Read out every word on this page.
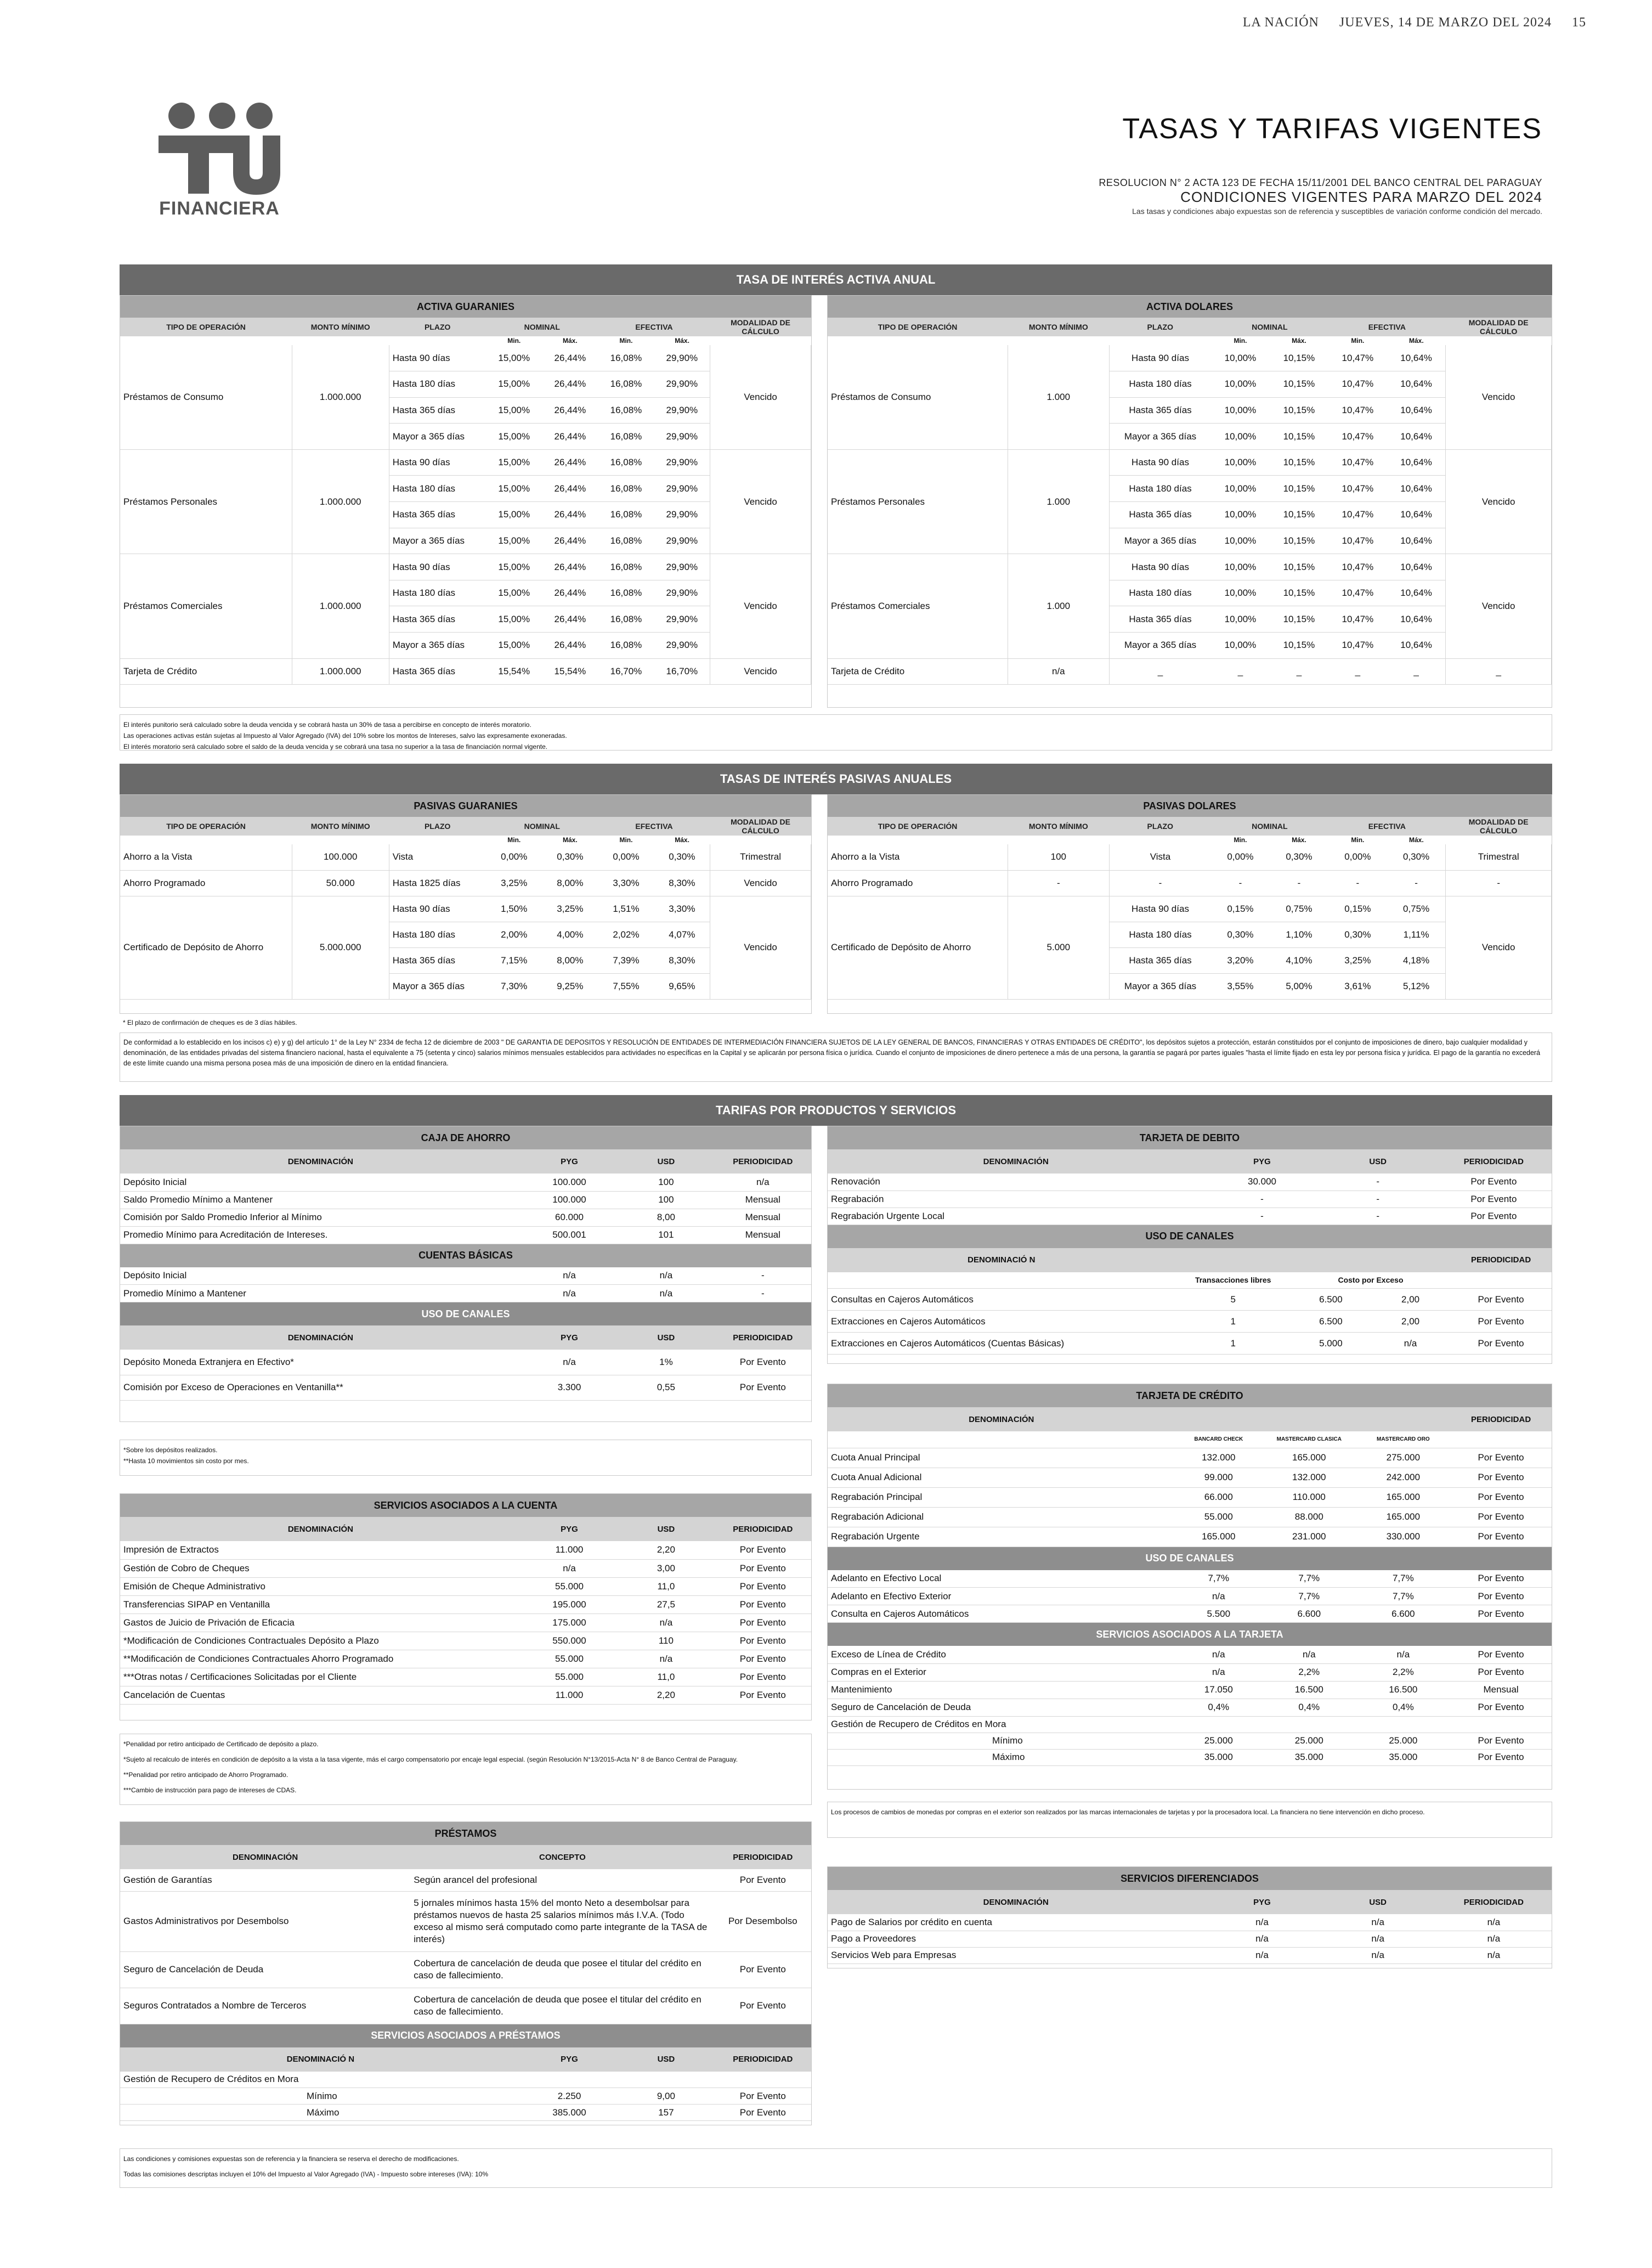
LA NACIÓN JUEVES, 14 DE MARZO DEL 2024 15
FINANCIERA
TASAS Y TARIFAS VIGENTES
RESOLUCION N° 2 ACTA 123 DE FECHA 15/11/2001 DEL BANCO CENTRAL DEL PARAGUAY
CONDICIONES VIGENTES PARA MARZO DEL 2024
Las tasas y condiciones abajo expuestas son de referencia y susceptibles de variación conforme condición del mercado.
TASA DE INTERÉS ACTIVA ANUAL
ACTIVA GUARANIES
TIPO DE OPERACIÓN	MONTO MÍNIMO	PLAZO	NOMINAL		EFECTIVA		MODALIDAD DE CÁLCULO
			Min.	Máx.	Min.	Máx.	
Préstamos de Consumo	1.000.000	Hasta 90 días	15,00%	26,44%	16,08%	29,90%	Vencido
		Hasta 180 días	15,00%	26,44%	16,08%	29,90%	
		Hasta 365 días	15,00%	26,44%	16,08%	29,90%	
		Mayor a 365 días	15,00%	26,44%	16,08%	29,90%	
Préstamos Personales	1.000.000	Hasta 90 días	15,00%	26,44%	16,08%	29,90%	Vencido
		Hasta 180 días	15,00%	26,44%	16,08%	29,90%	
		Hasta 365 días	15,00%	26,44%	16,08%	29,90%	
		Mayor a 365 días	15,00%	26,44%	16,08%	29,90%	
Préstamos Comerciales	1.000.000	Hasta 90 días	15,00%	26,44%	16,08%	29,90%	Vencido
		Hasta 180 días	15,00%	26,44%	16,08%	29,90%	
		Hasta 365 días	15,00%	26,44%	16,08%	29,90%	
		Mayor a 365 días	15,00%	26,44%	16,08%	29,90%	
Tarjeta de Crédito	1.000.000	Hasta 365 días	15,54%	15,54%	16,70%	16,70%	Vencido
ACTIVA DOLARES
TIPO DE OPERACIÓN	MONTO MÍNIMO	PLAZO	NOMINAL		EFECTIVA		MODALIDAD DE CÁLCULO
			Min.	Máx.	Min.	Máx.	
Préstamos de Consumo	1.000	Hasta 90 días	10,00%	10,15%	10,47%	10,64%	Vencido
		Hasta 180 días	10,00%	10,15%	10,47%	10,64%	
		Hasta 365 días	10,00%	10,15%	10,47%	10,64%	
		Mayor a 365 días	10,00%	10,15%	10,47%	10,64%	
Préstamos Personales	1.000	Hasta 90 días	10,00%	10,15%	10,47%	10,64%	Vencido
		Hasta 180 días	10,00%	10,15%	10,47%	10,64%	
		Hasta 365 días	10,00%	10,15%	10,47%	10,64%	
		Mayor a 365 días	10,00%	10,15%	10,47%	10,64%	
Préstamos Comerciales	1.000	Hasta 90 días	10,00%	10,15%	10,47%	10,64%	Vencido
		Hasta 180 días	10,00%	10,15%	10,47%	10,64%	
		Hasta 365 días	10,00%	10,15%	10,47%	10,64%	
		Mayor a 365 días	10,00%	10,15%	10,47%	10,64%	
Tarjeta de Crédito	n/a	_	_	_	_	_	_
El interés punitorio será calculado sobre la deuda vencida y se cobrará hasta un 30% de tasa a percibirse en concepto de interés moratorio.
Las operaciones activas están sujetas al Impuesto al Valor Agregado (IVA) del 10% sobre los montos de Intereses, salvo las expresamente exoneradas.
El interés moratorio será calculado sobre el saldo de la deuda vencida y se cobrará una tasa no superior a la tasa de financiación normal vigente.
TASAS DE INTERÉS PASIVAS ANUALES
PASIVAS GUARANIES
TIPO DE OPERACIÓN	MONTO MÍNIMO	PLAZO	NOMINAL		EFECTIVA		MODALIDAD DE CÁLCULO
			Min.	Máx.	Min.	Máx.	
Ahorro a la Vista	100.000	Vista	0,00%	0,30%	0,00%	0,30%	Trimestral
Ahorro Programado	50.000	Hasta 1825 días	3,25%	8,00%	3,30%	8,30%	Vencido
Certificado de Depósito de Ahorro	5.000.000	Hasta 90 días	1,50%	3,25%	1,51%	3,30%	Vencido
		Hasta 180 días	2,00%	4,00%	2,02%	4,07%	
		Hasta 365 días	7,15%	8,00%	7,39%	8,30%	
		Mayor a 365 días	7,30%	9,25%	7,55%	9,65%	
PASIVAS DOLARES
TIPO DE OPERACIÓN	MONTO MÍNIMO	PLAZO	NOMINAL		EFECTIVA		MODALIDAD DE CÁLCULO
			Min.	Máx.	Min.	Máx.	
Ahorro a la Vista	100	Vista	0,00%	0,30%	0,00%	0,30%	Trimestral
Ahorro Programado	-	-	-	-	-	-	-
Certificado de Depósito de Ahorro	5.000	Hasta 90 días	0,15%	0,75%	0,15%	0,75%	Vencido
		Hasta 180 días	0,30%	1,10%	0,30%	1,11%	
		Hasta 365 días	3,20%	4,10%	3,25%	4,18%	
		Mayor a 365 días	3,55%	5,00%	3,61%	5,12%	
* El plazo de confirmación de cheques es de 3 días hábiles.
De conformidad a lo establecido en los incisos c) e) y g) del artículo 1° de la Ley N° 2334 de fecha 12 de diciembre de 2003 " DE GARANTIA DE DEPOSITOS Y RESOLUCIÓN DE ENTIDADES DE INTERMEDIACIÓN FINANCIERA SUJETOS DE LA LEY GENERAL DE BANCOS, FINANCIERAS Y OTRAS ENTIDADES DE CRÉDITO", los depósitos sujetos a protección, estarán constituidos por el conjunto de imposiciones de dinero, bajo cualquier modalidad y denominación, de las entidades privadas del sistema financiero nacional, hasta el equivalente a 75 (setenta y cinco) salarios mínimos mensuales establecidos para actividades no específicas en la Capital y se aplicarán por persona física o jurídica. Cuando el conjunto de imposiciones de dinero pertenece a más de una persona, la garantía se pagará por partes iguales "hasta el límite fijado en esta ley por persona física y jurídica. El pago de la garantía no excederá de este límite cuando una misma persona posea más de una imposición de dinero en la entidad financiera.
TARIFAS POR PRODUCTOS Y SERVICIOS
CAJA DE AHORRO
DENOMINACIÓN	PYG	USD	PERIODICIDAD
Depósito Inicial	100.000	100	n/a
Saldo Promedio Mínimo a Mantener	100.000	100	Mensual
Comisión por Saldo Promedio Inferior al Mínimo	60.000	8,00	Mensual
Promedio Mínimo para Acreditación de Intereses.	500.001	101	Mensual
CUENTAS BÁSICAS
Depósito Inicial	n/a	n/a	-
Promedio Mínimo a Mantener	n/a	n/a	-
USO DE CANALES
DENOMINACIÓN	PYG	USD	PERIODICIDAD
Depósito Moneda Extranjera en Efectivo*	n/a	1%	Por Evento
Comisión por Exceso de Operaciones en Ventanilla**	3.300	0,55	Por Evento
*Sobre los depósitos realizados.
**Hasta 10 movimientos sin costo por mes.
SERVICIOS ASOCIADOS A LA CUENTA
DENOMINACIÓN	PYG	USD	PERIODICIDAD
Impresión de Extractos	11.000	2,20	Por Evento
Gestión de Cobro de Cheques	n/a	3,00	Por Evento
Emisión de Cheque Administrativo	55.000	11,0	Por Evento
Transferencias SIPAP en Ventanilla	195.000	27,5	Por Evento
Gastos de Juicio de Privación de Eficacia	175.000	n/a	Por Evento
*Modificación de Condiciones Contractuales Depósito a Plazo	550.000	110	Por Evento
**Modificación de Condiciones Contractuales Ahorro Programado	55.000	n/a	Por Evento
***Otras notas / Certificaciones Solicitadas por el Cliente	55.000	11,0	Por Evento
Cancelación de Cuentas	11.000	2,20	Por Evento
*Penalidad por retiro anticipado de Certificado de depósito a plazo.
*Sujeto al recalculo de interés en condición de depósito a la vista a la tasa vigente, más el cargo compensatorio por encaje legal especial. (según Resolución N°13/2015-Acta N° 8 de Banco Central de Paraguay.
**Penalidad por retiro anticipado de Ahorro Programado.
***Cambio de instrucción para pago de intereses de CDAS.
PRÉSTAMOS
DENOMINACIÓN	CONCEPTO	PERIODICIDAD
Gestión de Garantías	Según arancel del profesional	Por Evento
Gastos Administrativos por Desembolso	5 jornales mínimos hasta 15% del monto Neto a desembolsar para préstamos nuevos de hasta 25 salarios mínimos más I.V.A. (Todo exceso al mismo será computado como parte integrante de la TASA de interés)	Por Desembolso
Seguro de Cancelación de Deuda	Cobertura de cancelación de deuda que posee el titular del crédito en caso de fallecimiento.	Por Evento
Seguros Contratados a Nombre de Terceros	Cobertura de cancelación de deuda que posee el titular del crédito en caso de fallecimiento.	Por Evento
SERVICIOS ASOCIADOS A PRÉSTAMOS
DENOMINACIÓ N	PYG	USD	PERIODICIDAD
Gestión de Recupero de Créditos en Mora			
Mínimo	2.250	9,00	Por Evento
Máximo	385.000	157	Por Evento
TARJETA DE DEBITO
DENOMINACIÓN	PYG	USD	PERIODICIDAD
Renovación	30.000	-	Por Evento
Regrabación	-	-	Por Evento
Regrabación Urgente Local	-	-	Por Evento
USO DE CANALES
DENOMINACIÓ N				PERIODICIDAD
	Transacciones libres	Costo por Exceso		
Consultas en Cajeros Automáticos	5	6.500	2,00	Por Evento
Extracciones en Cajeros Automáticos	1	6.500	2,00	Por Evento
Extracciones en Cajeros Automáticos (Cuentas Básicas)	1	5.000	n/a	Por Evento
TARJETA DE CRÉDITO
DENOMINACIÓN				PERIODICIDAD
	BANCARD CHECK	MASTERCARD CLASICA	MASTERCARD ORO	
Cuota Anual Principal	132.000	165.000	275.000	Por Evento
Cuota Anual Adicional	99.000	132.000	242.000	Por Evento
Regrabación Principal	66.000	110.000	165.000	Por Evento
Regrabación Adicional	55.000	88.000	165.000	Por Evento
Regrabación Urgente	165.000	231.000	330.000	Por Evento
USO DE CANALES
Adelanto en Efectivo Local	7,7%	7,7%	7,7%	Por Evento
Adelanto en Efectivo Exterior	n/a	7,7%	7,7%	Por Evento
Consulta en Cajeros Automáticos	5.500	6.600	6.600	Por Evento
SERVICIOS ASOCIADOS A LA TARJETA
Exceso de Línea de Crédito	n/a	n/a	n/a	Por Evento
Compras en el Exterior	n/a	2,2%	2,2%	Por Evento
Mantenimiento	17.050	16.500	16.500	Mensual
Seguro de Cancelación de Deuda	0,4%	0,4%	0,4%	Por Evento
Gestión de Recupero de Créditos en Mora				
Mínimo	25.000	25.000	25.000	Por Evento
Máximo	35.000	35.000	35.000	Por Evento
Los procesos de cambios de monedas por compras en el exterior son realizados por las marcas internacionales de tarjetas y por la procesadora local. La financiera no tiene intervención en dicho proceso.
SERVICIOS DIFERENCIADOS
DENOMINACIÓN	PYG	USD	PERIODICIDAD
Pago de Salarios por crédito en cuenta	n/a	n/a	n/a
Pago a Proveedores	n/a	n/a	n/a
Servicios Web para Empresas	n/a	n/a	n/a
Las condiciones y comisiones expuestas son de referencia y la financiera se reserva el derecho de modificaciones.
Todas las comisiones descriptas incluyen el 10% del Impuesto al Valor Agregado (IVA) - Impuesto sobre intereses (IVA): 10%
